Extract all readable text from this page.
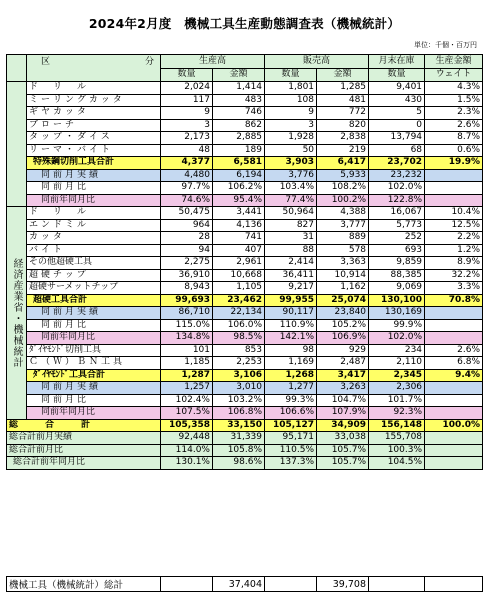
2024年2月度　機械工具生産動態調査表（機械統計）
単位：千個・百万円

	区 分	生産高		販売高		月末在庫	生産金額
		数量	金額	数量	金額	数量	ウェイト
	ド　リ　ル	2,024	1,414	1,801	1,285	9,401	4.3%
	ミーリングカッタ	117	483	108	481	430	1.5%
	ギヤカッタ	9	746	9	772	5	2.3%
	ブローチ	3	862	3	820	0	2.6%
	タップ・ダイス	2,173	2,885	1,928	2,838	13,794	8.7%
	リーマ・バイト	48	189	50	219	68	0.6%
	特殊鋼切削工具合計	4,377	6,581	3,903	6,417	23,702	19.9%
	同前月実績	4,480	6,194	3,776	5,933	23,232	
	同前月比	97.7%	106.2%	103.4%	108.2%	102.0%	
	同前年同月比	74.6%	95.4%	77.4%	100.2%	122.8%	
経済産業省・機械統計	ド　リ　ル	50,475	3,441	50,964	4,388	16,067	10.4%
	エンドミル	964	4,136	827	3,777	5,773	12.5%
	カッタ	28	741	31	889	252	2.2%
	バイト	94	407	88	578	693	1.2%
	その他超硬工具	2,275	2,961	2,414	3,363	9,859	8.9%
	超硬チップ	36,910	10,668	36,411	10,914	88,385	32.2%
	超硬サーメットチップ	8,943	1,105	9,217	1,162	9,069	3.3%
	超硬工具合計	99,693	23,462	99,955	25,074	130,100	70.8%
	同前月実績	86,710	22,134	90,117	23,840	130,169	
	同前月比	115.0%	106.0%	110.9%	105.2%	99.9%	
	同前年同月比	134.8%	98.5%	142.1%	106.9%	102.0%	
	ﾀﾞｲﾔﾓﾝﾄﾞ切削工具	101	853	98	929	234	2.6%
	Ｃ（Ｗ）ＢＮ工具	1,185	2,253	1,169	2,487	2,110	6.8%
	ﾀﾞｲﾔﾓﾝﾄﾞ工具合計	1,287	3,106	1,268	3,417	2,345	9.4%
	同前月実績	1,257	3,010	1,277	3,263	2,306	
	同前月比	102.4%	103.2%	99.3%	104.7%	101.7%	
	同前年同月比	107.5%	106.8%	106.6%	107.9%	92.3%	
総　　合　　計		105,358	33,150	105,127	34,909	156,148	100.0%
総合計前月実績		92,448	31,339	95,171	33,038	155,708	
総合計前月比		114.0%	105.8%	110.5%	105.7%	100.3%	
総合計前年同月比		130.1%	98.6%	137.3%	105.7%	104.5%	
機械工具（機械統計）総計		37,404		39,708		
